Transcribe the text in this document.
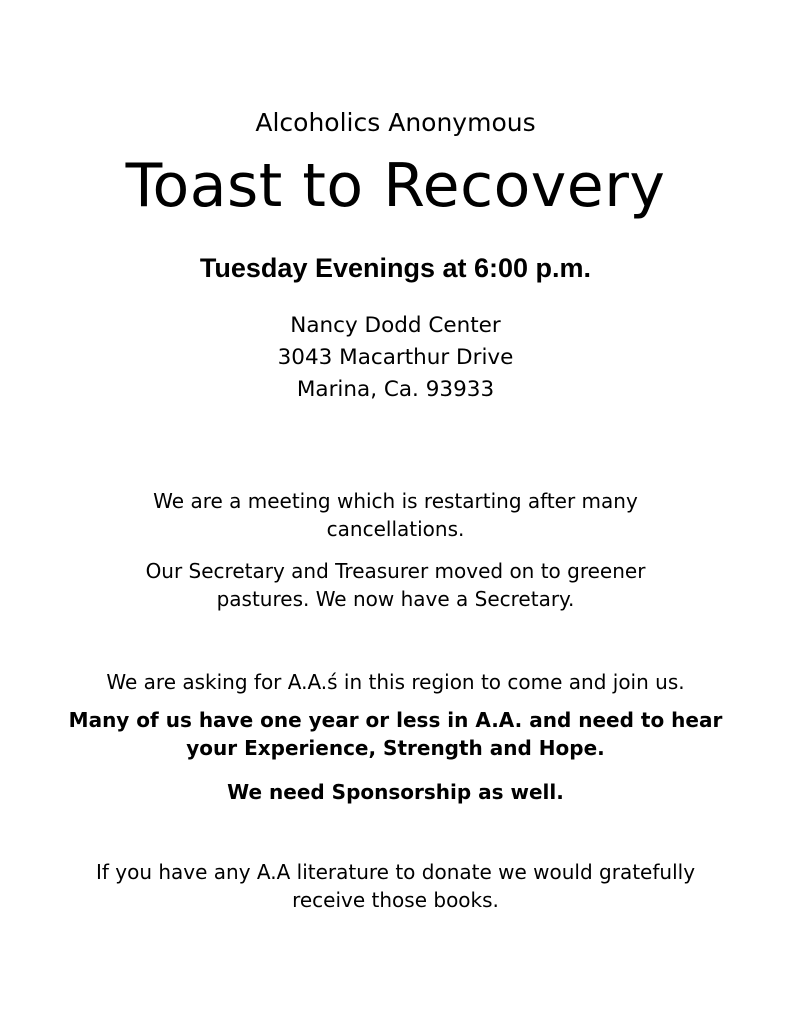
Alcoholics Anonymous

Toast to Recovery

Tuesday Evenings at 6:00 p.m.

Nancy Dodd Center

3043 Macarthur Drive

Marina, Ca. 93933

We are a meeting which is restarting after many

cancellations.

Our Secretary and Treasurer moved on to greener

pastures. We now have a Secretary.

We are asking for A.A.ś in this region to come and join us.

Many of us have one year or less in A.A. and need to hear

your Experience, Strength and Hope.

We need Sponsorship as well.

If you have any A.A literature to donate we would gratefully

receive those books.
